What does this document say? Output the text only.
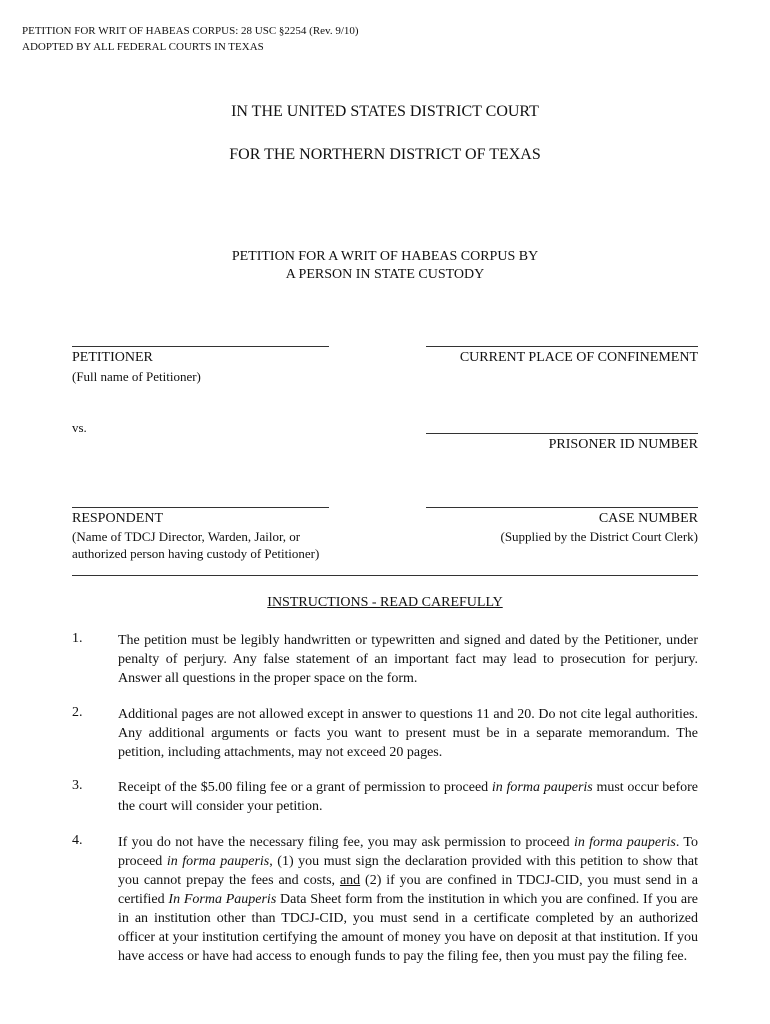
PETITION FOR WRIT OF HABEAS CORPUS: 28 USC §2254 (Rev. 9/10)
ADOPTED BY ALL FEDERAL COURTS IN TEXAS
IN THE UNITED STATES DISTRICT COURT
FOR THE NORTHERN DISTRICT OF TEXAS
PETITION FOR A WRIT OF HABEAS CORPUS BY
A PERSON IN STATE CUSTODY
PETITIONER
(Full name of Petitioner)
CURRENT PLACE OF CONFINEMENT
vs.
PRISONER ID NUMBER
RESPONDENT
(Name of TDCJ Director, Warden, Jailor, or
authorized person having custody of Petitioner)
CASE NUMBER
(Supplied by the District Court Clerk)
INSTRUCTIONS - READ CAREFULLY
1.	The petition must be legibly handwritten or typewritten and signed and dated by the Petitioner, under penalty of perjury. Any false statement of an important fact may lead to prosecution for perjury. Answer all questions in the proper space on the form.
2.	Additional pages are not allowed except in answer to questions 11 and 20. Do not cite legal authorities. Any additional arguments or facts you want to present must be in a separate memorandum. The petition, including attachments, may not exceed 20 pages.
3.	Receipt of the $5.00 filing fee or a grant of permission to proceed in forma pauperis must occur before the court will consider your petition.
4.	If you do not have the necessary filing fee, you may ask permission to proceed in forma pauperis. To proceed in forma pauperis, (1) you must sign the declaration provided with this petition to show that you cannot prepay the fees and costs, and (2) if you are confined in TDCJ-CID, you must send in a certified In Forma Pauperis Data Sheet form from the institution in which you are confined. If you are in an institution other than TDCJ-CID, you must send in a certificate completed by an authorized officer at your institution certifying the amount of money you have on deposit at that institution. If you have access or have had access to enough funds to pay the filing fee, then you must pay the filing fee.
